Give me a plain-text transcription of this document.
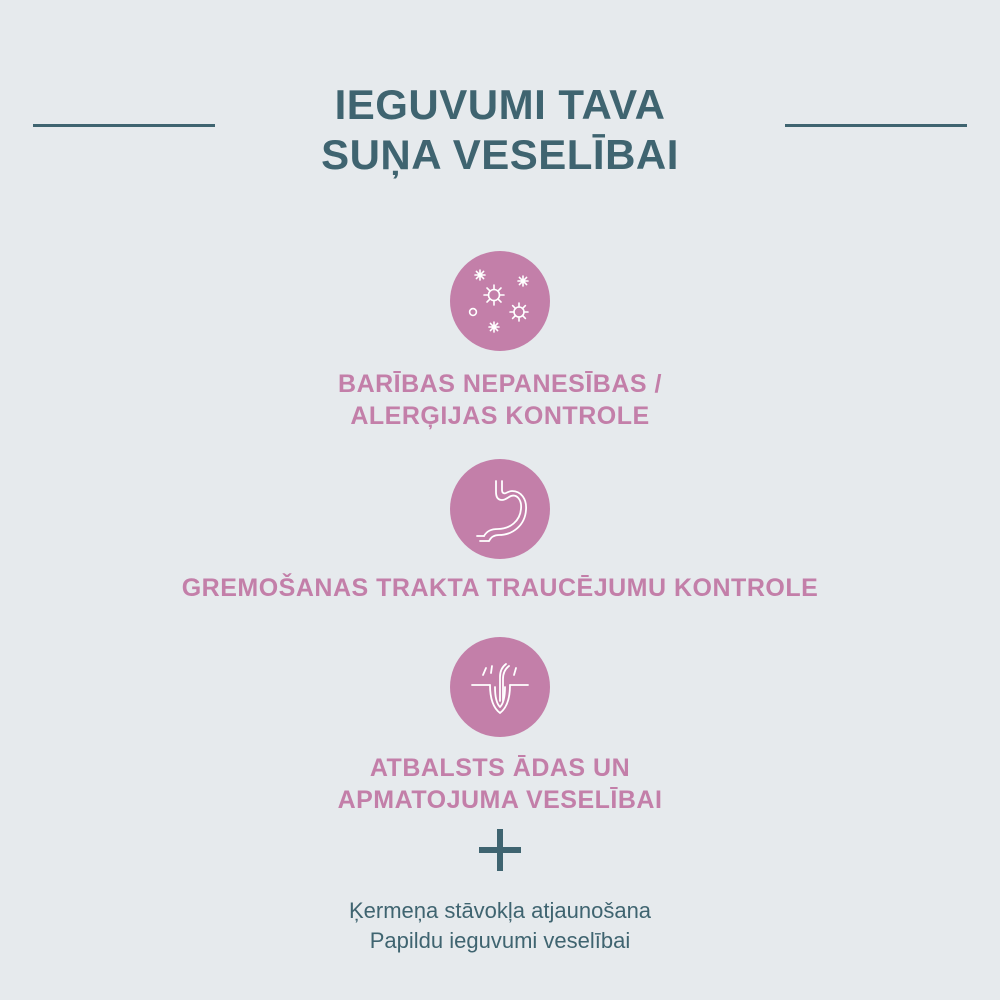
IEGUVUMI TAVA
SUŅA VESELĪBAI
BARĪBAS NEPANESĪBAS /
ALERĢIJAS KONTROLE
GREMOŠANAS TRAKTA TRAUCĒJUMU KONTROLE
ATBALSTS ĀDAS UN
APMATOJUMA VESELĪBAI
Ķermeņa stāvokļa atjaunošana
Papildu ieguvumi veselībai
